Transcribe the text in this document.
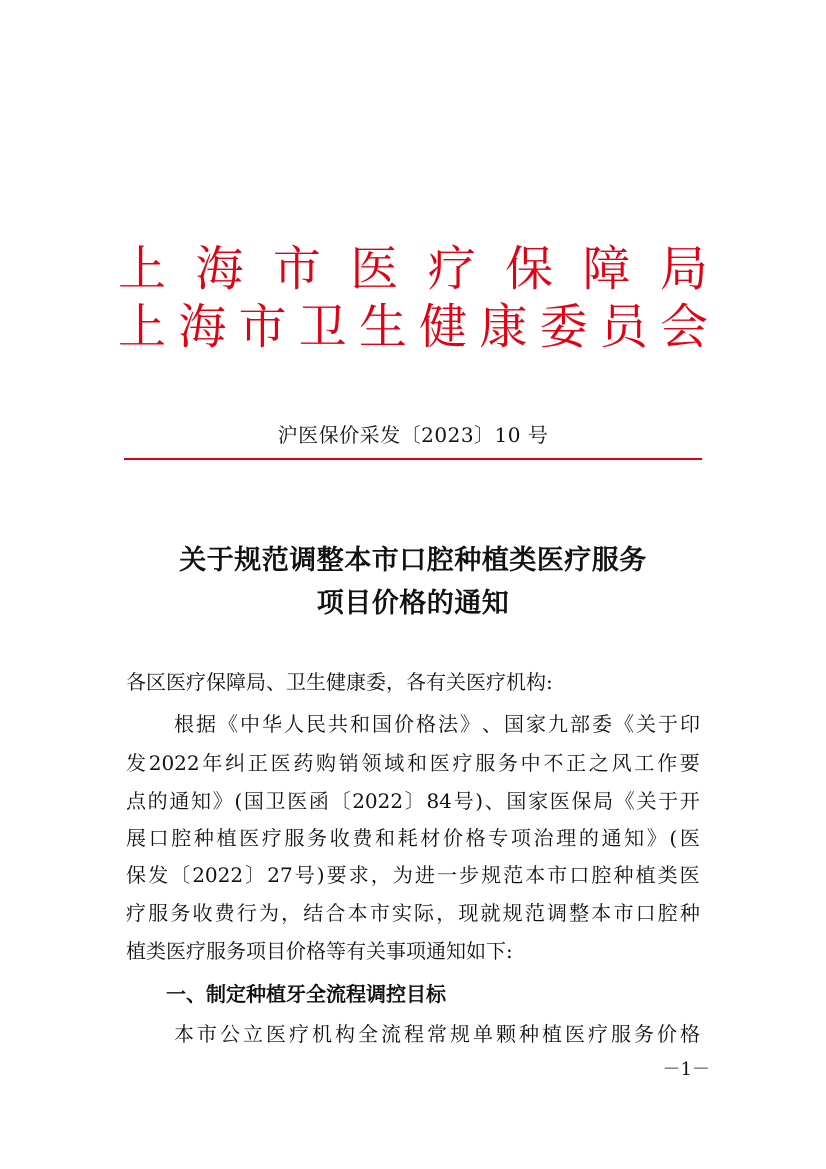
上 海 市 医 疗 保 障 局
上 海 市 卫 生 健 康 委 员 会
沪医保价采发〔2023〕10 号
关于规范调整本市口腔种植类医疗服务
项目价格的通知
各区医疗保障局、卫生健康委，各有关医疗机构:
根 据 《 中 华 人 民 共 和 国 价 格 法 》 、 国 家 九 部 委 《 关 于 印
发 2022 年 纠 正 医 药 购 销 领 域 和 医 疗 服 务 中 不 正 之 风 工 作 要
点 的 通 知 》 ( 国 卫 医 函 〔 2022 〕 84 号 ) 、 国 家 医 保 局 《 关 于 开
展 口 腔 种 植 医 疗 服 务 收 费 和 耗 材 价 格 专 项 治 理 的 通 知 》 ( 医
保 发 〔 2022 〕 27 号 ) 要 求 ， 为 进 一 步 规 范 本 市 口 腔 种 植 类 医
疗 服 务 收 费 行 为 ， 结 合 本 市 实 际 ， 现 就 规 范 调 整 本 市 口 腔 种
植类医疗服务项目价格等有关事项通知如下:
一、制定种植牙全流程调控目标
本 市 公 立 医 疗 机 构 全 流 程 常 规 单 颗 种 植 医 疗 服 务 价 格
－1－
